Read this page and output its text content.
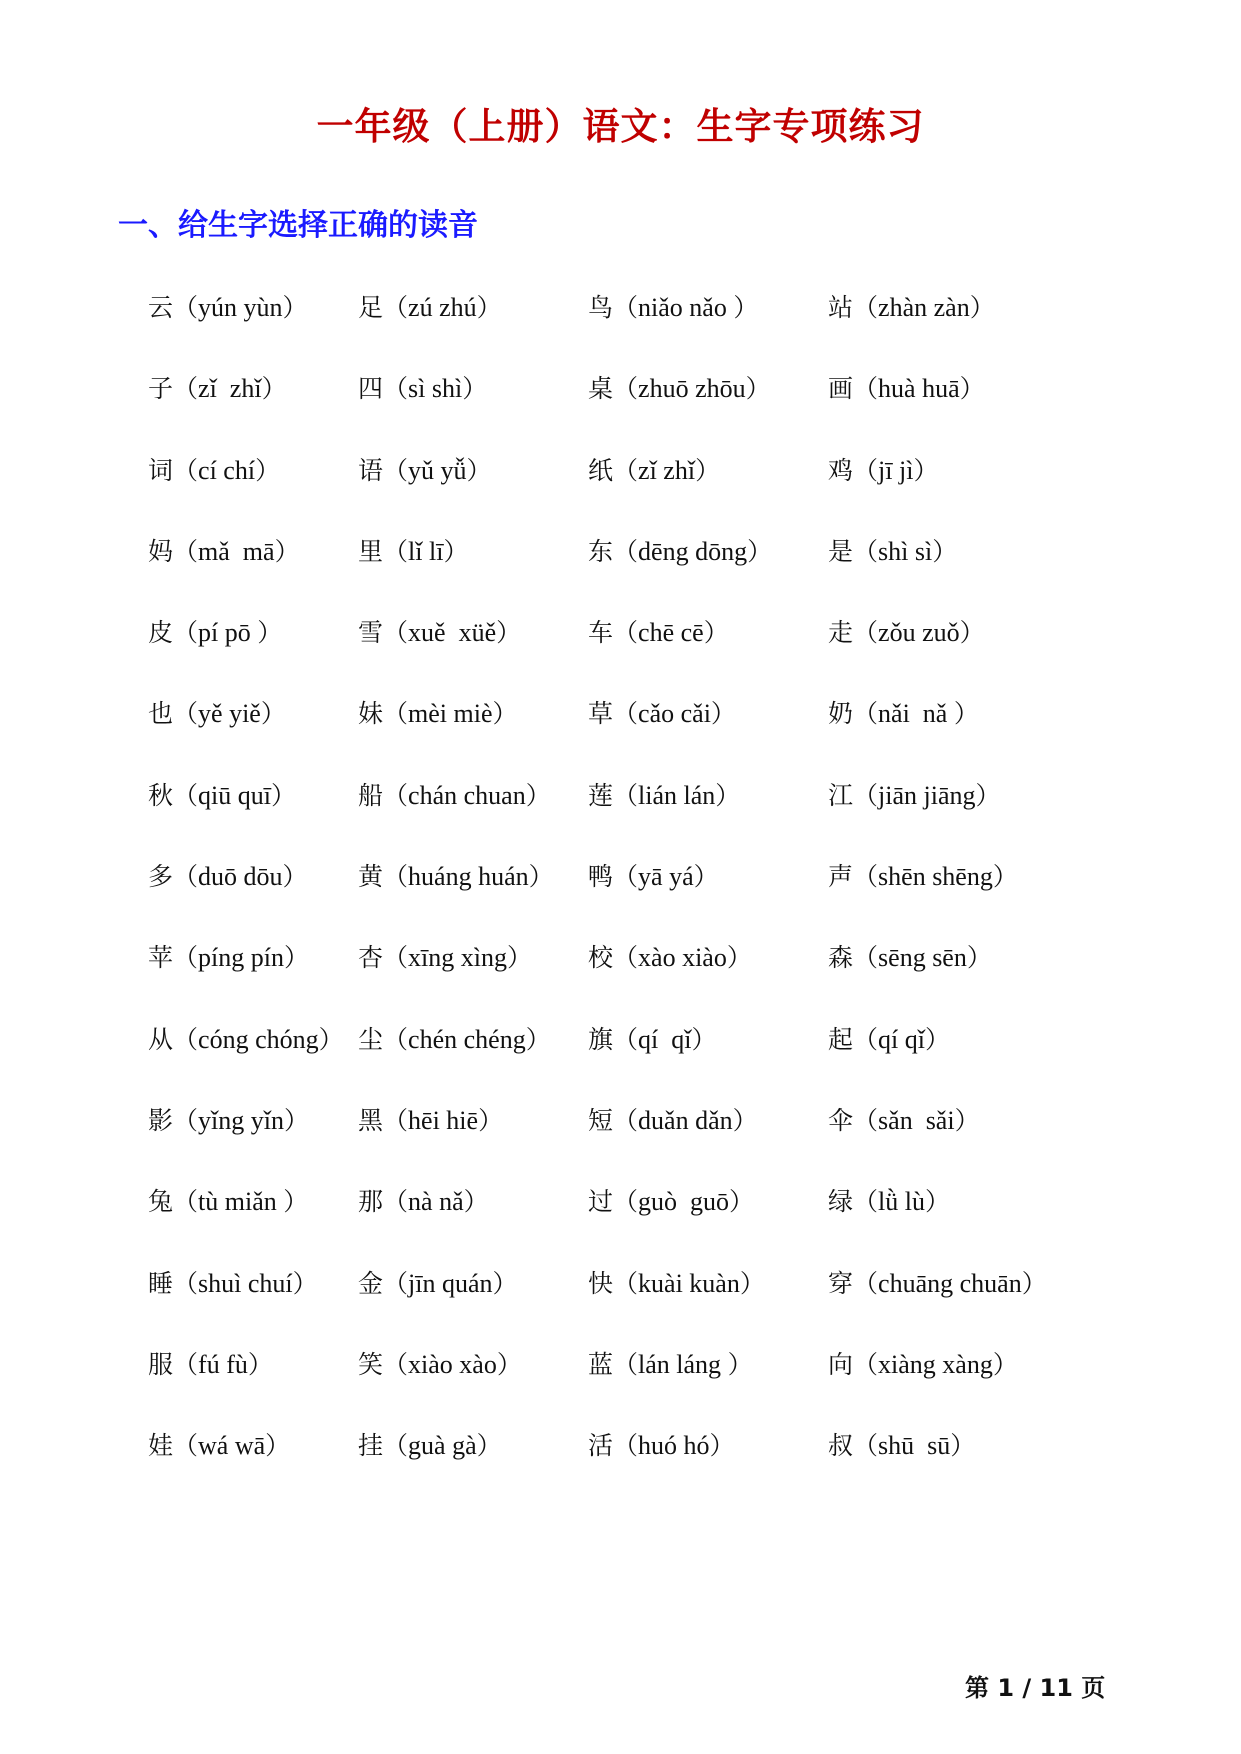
一年级（上册）语文：生字专项练习
一、给生字选择正确的读音
云（yún yùn） 足（zú zhú）	鸟（niǎo nǎo ）	站（zhàn zàn）
子（zǐ  zhǐ）	四（sì shì）	桌（zhuō zhōu） 画（huà huā）
词（cí chí）	语（yǔ yǚ）	纸（zǐ zhǐ）	鸡（jī jì）
妈（mǎ  mā） 里（lǐ lī）	东（dēng dōng） 是（shì sì）
皮（pí pō ）	雪（xuě  xüě）	车（chē cē）	走（zǒu zuǒ）
也（yě yiě）	妹（mèi miè）	草（cǎo cǎi）	奶（nǎi  nǎ ）
秋（qiū quī） 船（chán chuan） 莲（lián lán）	江（jiān jiāng）
多（duō dōu） 黄（huáng huán） 鸭（yā yá）	声（shēn shēng）
苹（píng pín） 杏（xīng xìng） 校（xào xiào）	森（sēng sēn）
从（cóng chóng） 尘（chén chéng） 旗（qí  qǐ）	起（qí qǐ）
影（yǐng yǐn） 黑（hēi hiē）	短（duǎn dǎn）	伞（sǎn  sǎi）
兔（tù miǎn ） 那（nà nǎ）	过（guò  guō）	绿（lǜ lù）
睡（shuì chuí） 金（jīn quán）	快（kuài kuàn）	穿（chuāng chuān）
服（fú fù）	笑（xiào xào）	蓝（lán láng ）	向（xiàng xàng）
娃（wá wā）	挂（guà gà）	活（huó hó）	叔（shū  sū）
第 1 / 11 页
